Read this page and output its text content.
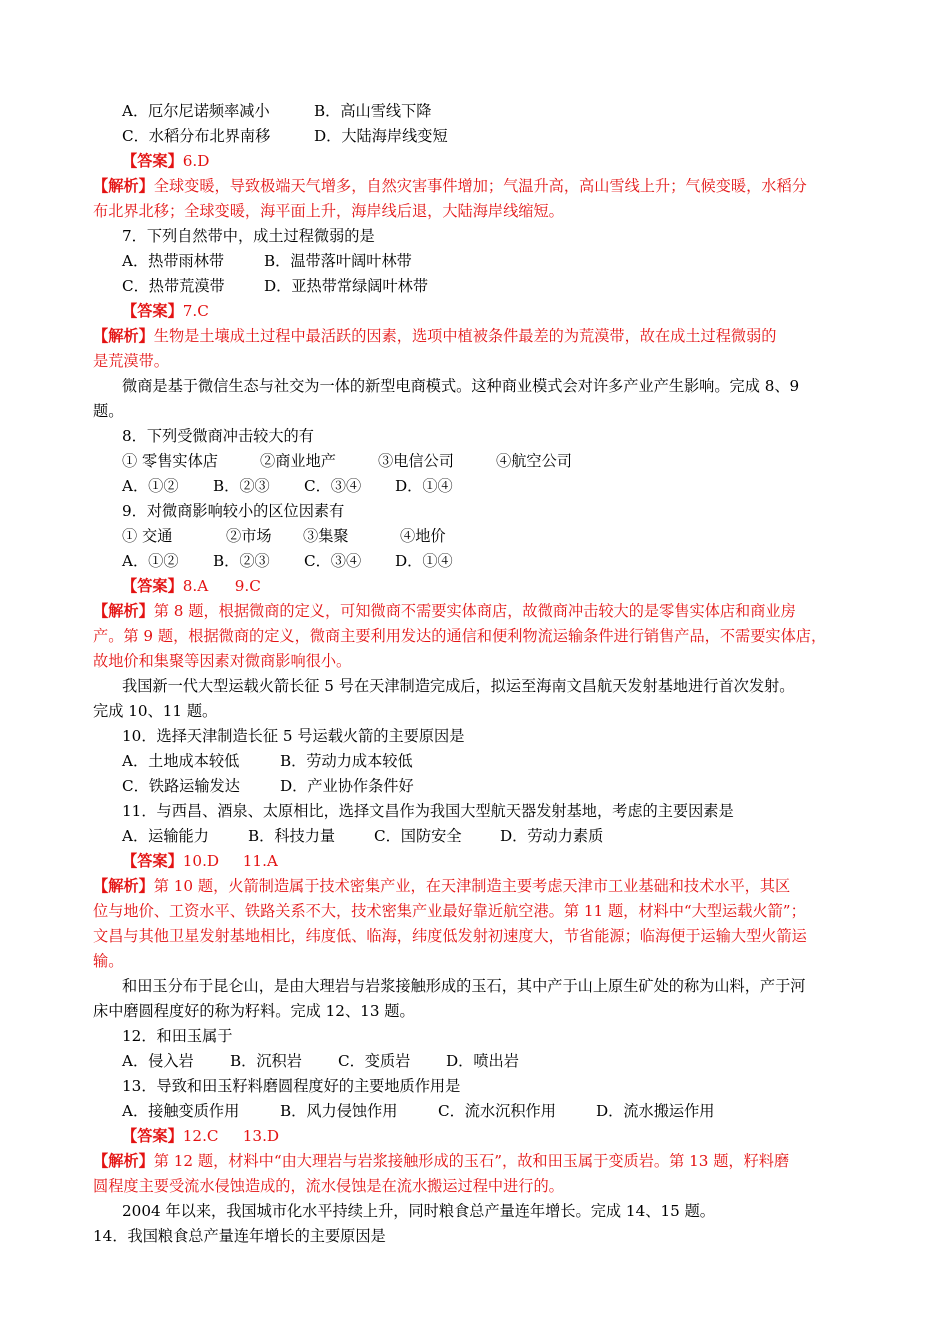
A．厄尔尼诺频率减小	B．高山雪线下降
C．水稻分布北界南移	D．大陆海岸线变短
【答案】6.D
【解析】全球变暖，导致极端天气增多，自然灾害事件增加；气温升高，高山雪线上升；气候变暖，水稻分
布北界北移；全球变暖，海平面上升，海岸线后退，大陆海岸线缩短。
7．下列自然带中，成土过程微弱的是
A．热带雨林带	B．温带落叶阔叶林带
C．热带荒漠带	D．亚热带常绿阔叶林带
【答案】7.C
【解析】生物是土壤成土过程中最活跃的因素，选项中植被条件最差的为荒漠带，故在成土过程微弱的
是荒漠带。
微商是基于微信生态与社交为一体的新型电商模式。这种商业模式会对许多产业产生影响。完成 8、9
题。
8．下列受微商冲击较大的有
① 零售实体店	②商业地产	③电信公司	④航空公司
A．①② B．②③ C．③④ D．①④
9．对微商影响较小的区位因素有
① 交通	②市场 ③集聚	④地价
A．①② B．②③ C．③④ D．①④
【答案】8.A 9.C
【解析】第 8 题，根据微商的定义，可知微商不需要实体商店，故微商冲击较大的是零售实体店和商业房
产。第 9 题，根据微商的定义，微商主要利用发达的通信和便利物流运输条件进行销售产品，不需要实体店，
故地价和集聚等因素对微商影响很小。
我国新一代大型运载火箭长征 5 号在天津制造完成后，拟运至海南文昌航天发射基地进行首次发射。
完成 10、11 题。
10．选择天津制造长征 5 号运载火箭的主要原因是
A．土地成本较低	B．劳动力成本较低
C．铁路运输发达	D．产业协作条件好
11．与西昌、酒泉、太原相比，选择文昌作为我国大型航天器发射基地，考虑的主要因素是
A．运输能力	B．科技力量	C．国防安全	D．劳动力素质
【答案】10.D 11.A
【解析】第 10 题，火箭制造属于技术密集产业，在天津制造主要考虑天津市工业基础和技术水平，其区
位与地价、工资水平、铁路关系不大，技术密集产业最好靠近航空港。第 11 题，材料中“大型运载火箭”；
文昌与其他卫星发射基地相比，纬度低、临海，纬度低发射初速度大，节省能源；临海便于运输大型火箭运
输。
和田玉分布于昆仑山，是由大理岩与岩浆接触形成的玉石，其中产于山上原生矿处的称为山料，产于河
床中磨圆程度好的称为籽料。完成 12、13 题。
12．和田玉属于
A．侵入岩 B．沉积岩 C．变质岩 D．喷出岩
13．导致和田玉籽料磨圆程度好的主要地质作用是
A．接触变质作用	B．风力侵蚀作用	C．流水沉积作用	D．流水搬运作用
【答案】12.C 13.D
【解析】第 12 题，材料中“由大理岩与岩浆接触形成的玉石”，故和田玉属于变质岩。第 13 题，籽料磨
圆程度主要受流水侵蚀造成的，流水侵蚀是在流水搬运过程中进行的。
2004 年以来，我国城市化水平持续上升，同时粮食总产量连年增长。完成 14、15 题。
14．我国粮食总产量连年增长的主要原因是
